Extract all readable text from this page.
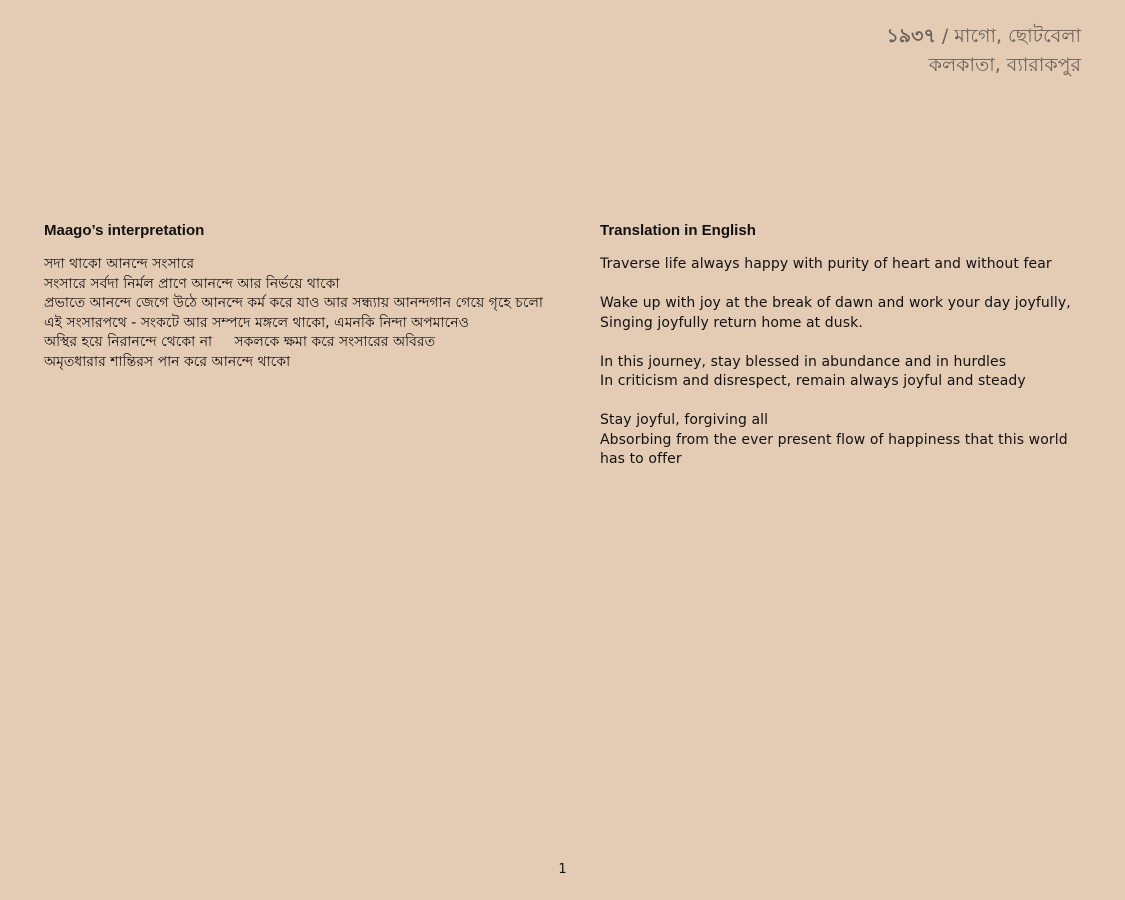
১৯৩৭ / মাগো, ছোটবেলা
কলকাতা, ব্যারাকপুর
Maago’s interpretation
সদা থাকো আনন্দে সংসারে
সংসারে সর্বদা নির্মল প্রাণে আনন্দে আর নির্ভয়ে থাকো
প্রভাতে আনন্দে জেগে উঠে আনন্দে কর্ম করে যাও আর সন্ধ্যায় আনন্দগান গেয়ে গৃহে চলো
এই সংসারপথে - সংকটে আর সম্পদে মঙ্গলে থাকো, এমনকি নিন্দা অপমানেও
অস্থির হয়ে নিরানন্দে থেকো না     সকলকে ক্ষমা করে সংসারের অবিরত
অমৃতধারার শান্তিরস পান করে আনন্দে থাকো
Translation in English
Traverse life always happy with purity of heart and without fear
Wake up with joy at the break of dawn and work your day joyfully,
Singing joyfully return home at dusk.
In this journey, stay blessed in abundance and in hurdles
In criticism and disrespect, remain always joyful and steady
Stay joyful, forgiving all
Absorbing from the ever present flow of happiness that this world has to offer
1
